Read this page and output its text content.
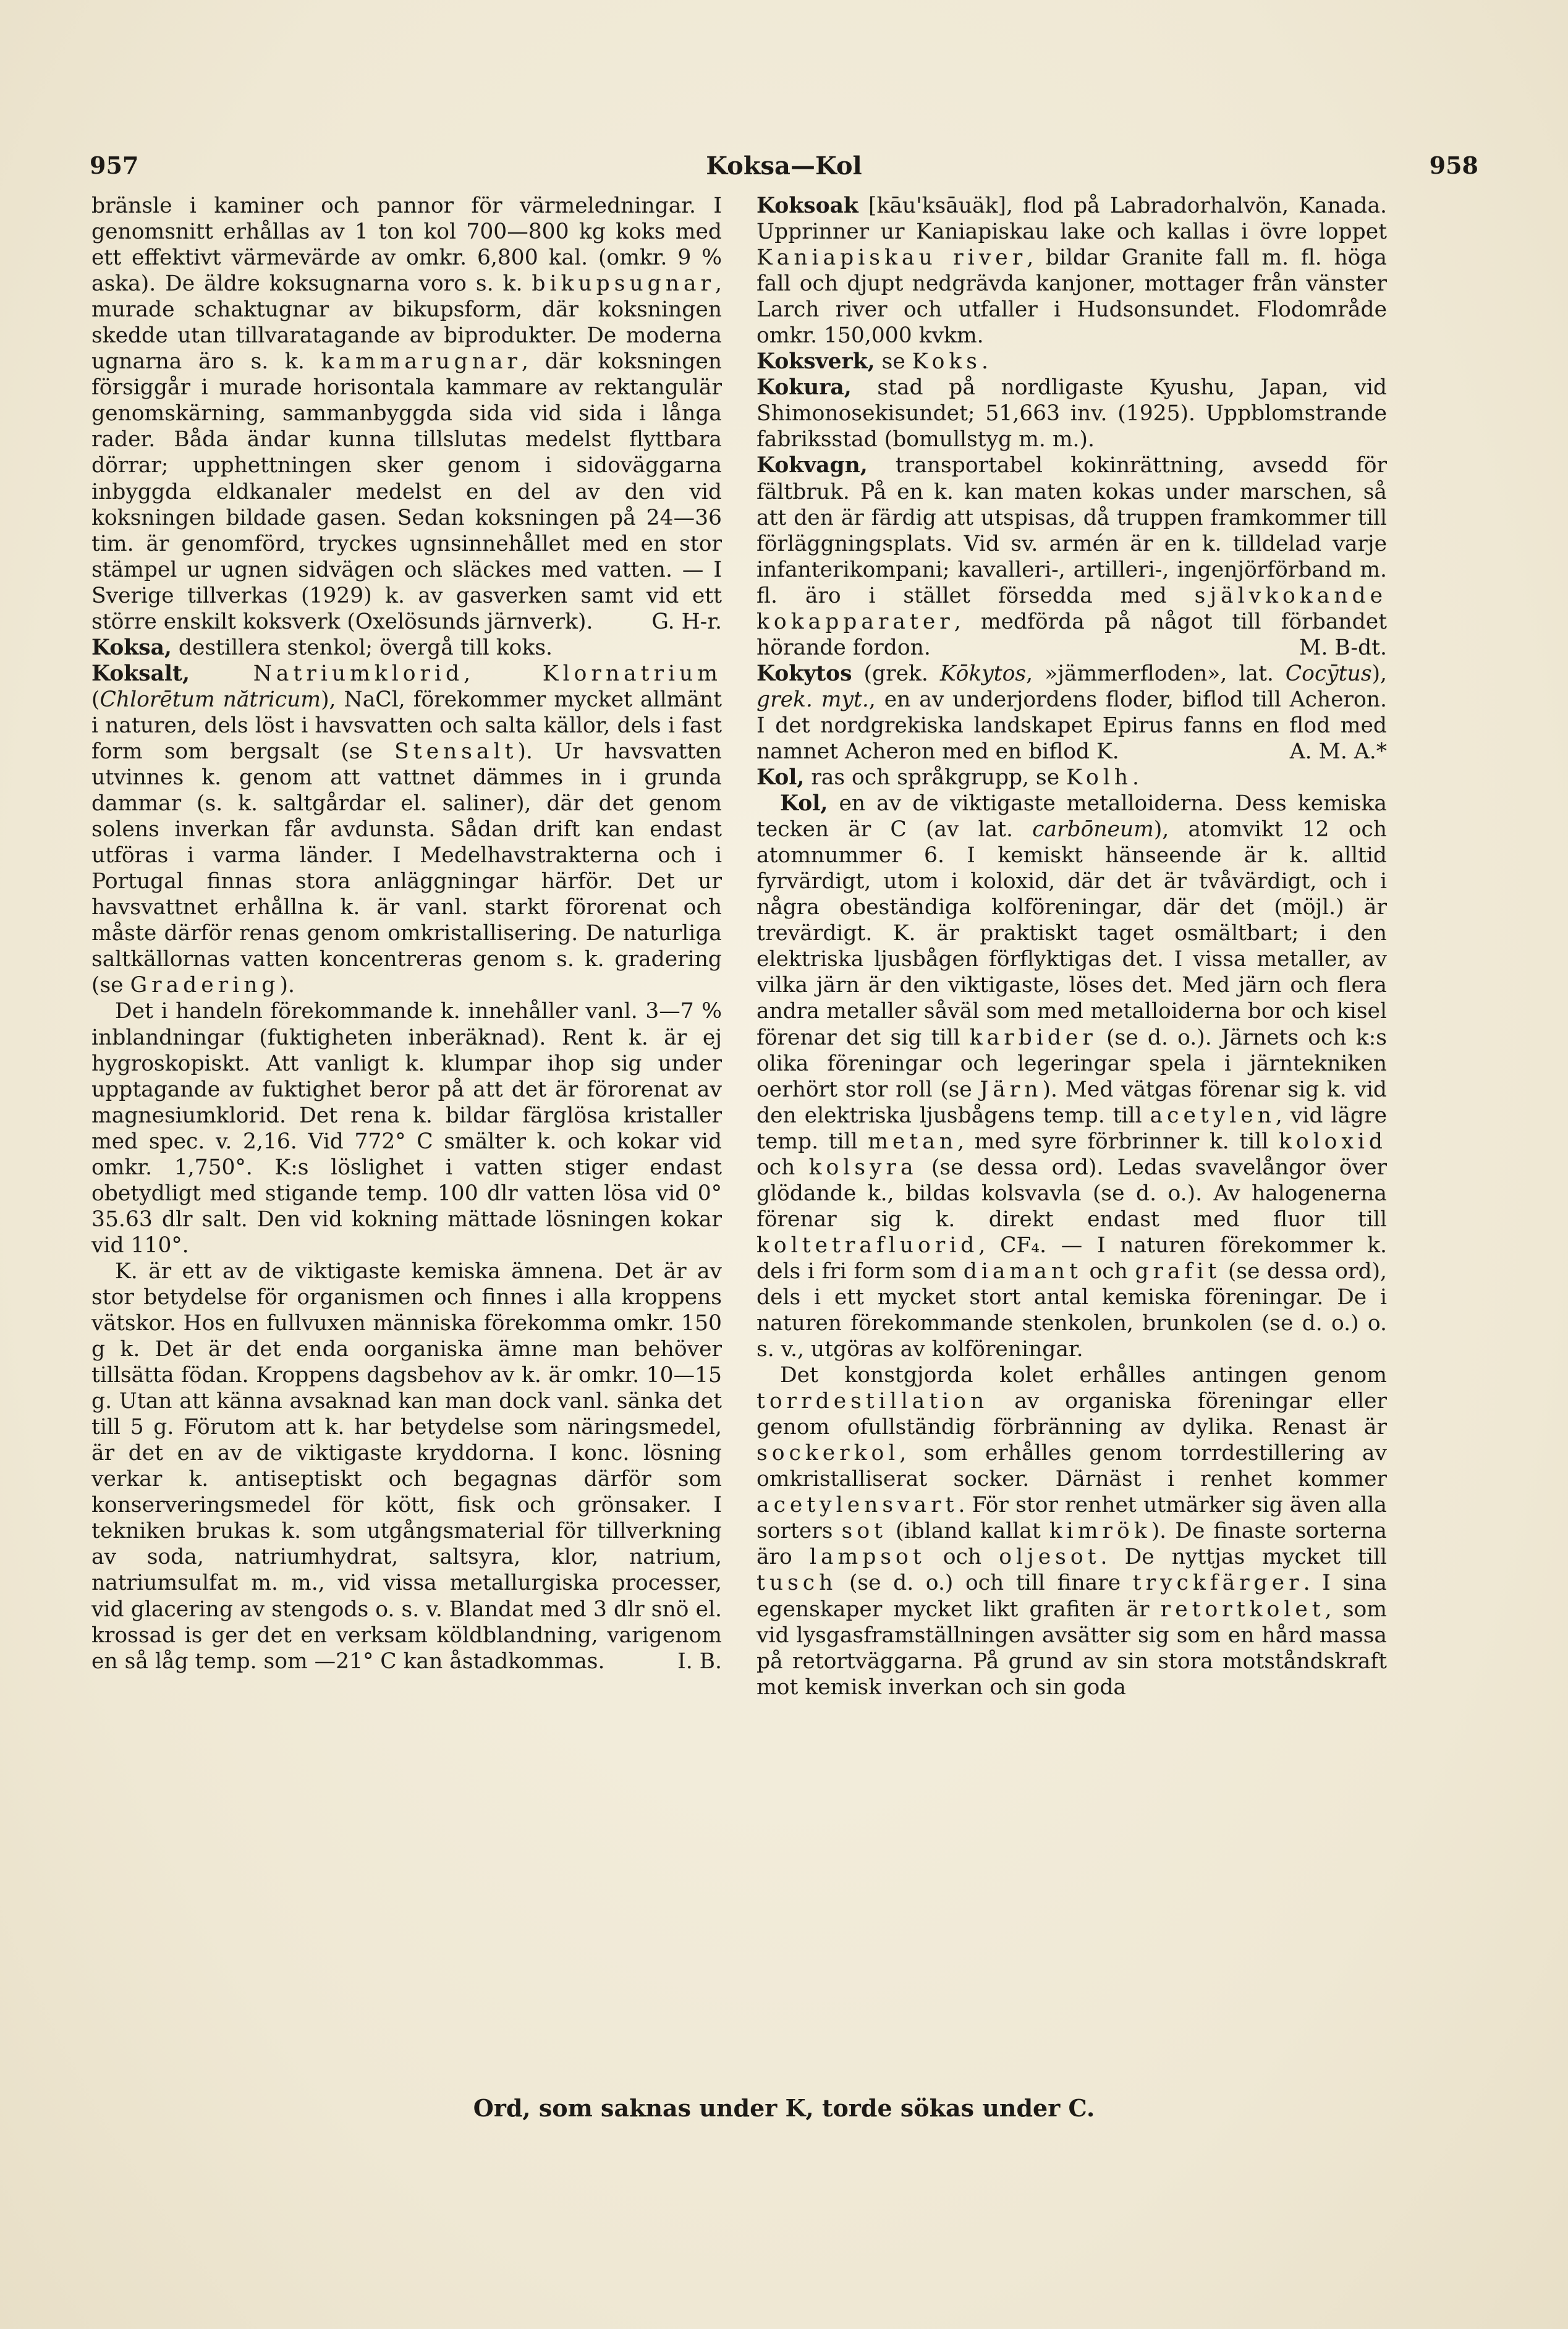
957	Koksa—Kol	958

bränsle i kaminer och pannor för värmeledningar. I genomsnitt erhållas av 1 ton kol 700—800 kg koks med ett effektivt värmevärde av omkr. 6,800 kal. (omkr. 9 % aska). De äldre koksugnarna voro s. k. bikupsugnar, murade schaktugnar av bikupsform, där koksningen skedde utan tillvaratagande av biprodukter. De moderna ugnarna äro s. k. kammarugnar, där koksningen försiggår i murade horisontala kammare av rektangulär genomskärning, sammanbyggda sida vid sida i långa rader. Båda ändar kunna tillslutas medelst flyttbara dörrar; upphettningen sker genom i sidoväggarna inbyggda eldkanaler medelst en del av den vid koksningen bildade gasen. Sedan koksningen på 24—36 tim. är genomförd, tryckes ugnsinnehållet med en stor stämpel ur ugnen sidvägen och släckes med vatten. — I Sverige tillverkas (1929) k. av gasverken samt vid ett större enskilt koksverk (Oxelösunds järnverk).	G. H-r.

Koksa, destillera stenkol; övergå till koks.

Koksalt,	Natriumklorid, Klornatrium (Chlorētum nătricum), NaCl, förekommer mycket allmänt i naturen, dels löst i havsvatten och salta källor, dels i fast form som bergsalt (se Stensalt). Ur havsvatten utvinnes k. genom att vattnet dämmes in i grunda dammar (s. k. saltgårdar el. saliner), där det genom solens inverkan får avdunsta. Sådan drift kan endast utföras i varma länder. I Medelhavstrakterna och i Portugal finnas stora anläggningar härför. Det ur havsvattnet erhållna k. är vanl. starkt förorenat och måste därför renas genom omkristallisering. De naturliga saltkällornas vatten koncentreras genom s. k. gradering (se Gradering).

Det i handeln förekommande k. innehåller vanl. 3—7 % inblandningar (fuktigheten inberäknad). Rent k. är ej hygroskopiskt. Att vanligt k. klumpar ihop sig under upptagande av fuktighet beror på att det är förorenat av magnesiumklorid. Det rena k. bildar färglösa kristaller med spec. v. 2,16. Vid 772° C smälter k. och kokar vid omkr. 1,750°. K:s löslighet i vatten stiger endast obetydligt med stigande temp. 100 dlr vatten lösa vid 0° 35.63 dlr salt. Den vid kokning mättade lösningen kokar vid 110°.

K. är ett av de viktigaste kemiska ämnena. Det är av stor betydelse för organismen och finnes i alla kroppens vätskor. Hos en fullvuxen människa förekomma omkr. 150 g k. Det är det enda oorganiska ämne man behöver tillsätta födan. Kroppens dagsbehov av k. är omkr. 10—15 g. Utan att känna avsaknad kan man dock vanl. sänka det till 5 g. Förutom att k. har betydelse som näringsmedel, är det en av de viktigaste kryddorna. I konc. lösning verkar k. antiseptiskt och begagnas därför som konserveringsmedel för kött, fisk och grönsaker. I tekniken brukas k. som utgångsmaterial för tillverkning av soda, natriumhydrat, saltsyra, klor, natrium, natriumsulfat m. m., vid vissa metallurgiska processer, vid glacering av stengods o. s. v. Blandat med 3 dlr snö el. krossad is ger det en verksam köldblandning, varigenom en så låg temp. som —21° C kan åstadkommas.	I. B.

Koksoak [kāu'ksāuäk], flod på Labradorhalvön, Kanada. Upprinner ur Kaniapiskau lake och kallas i övre loppet Kaniapiskau river, bildar Granite fall m. fl. höga fall och djupt nedgrävda kanjoner, mottager från vänster Larch river och utfaller i Hudsonsundet. Flodområde omkr. 150,000 kvkm.

Koksverk, se Koks.

Kokura, stad på nordligaste Kyushu, Japan, vid Shimonosekisundet; 51,663 inv. (1925). Uppblomstrande fabriksstad (bomullstyg m. m.).

Kokvagn, transportabel kokinrättning, avsedd för fältbruk. På en k. kan maten kokas under marschen, så att den är färdig att utspisas, då truppen framkommer till förläggningsplats. Vid sv. armén är en k. tilldelad varje infanterikompani; kavalleri-, artilleri-, ingenjörförband m. fl. äro i stället försedda med självkokande kokapparater, medförda på något till förbandet hörande fordon.	M. B-dt.

Kokytos (grek. Kōkytos, »jämmerfloden», lat. Cocȳtus), grek. myt., en av underjordens floder, biflod till Acheron. I det nordgrekiska landskapet Epirus fanns en flod med namnet Acheron med en biflod K.	A. M. A.*

Kol, ras och språkgrupp, se Kolh.

Kol, en av de viktigaste metalloiderna. Dess kemiska tecken är C (av lat. carbōneum), atomvikt 12 och atomnummer 6. I kemiskt hänseende är k. alltid fyrvärdigt, utom i koloxid, där det är tvåvärdigt, och i några obeständiga kolföreningar, där det (möjl.) är trevärdigt. K. är praktiskt taget osmältbart; i den elektriska ljusbågen förflyktigas det. I vissa metaller, av vilka järn är den viktigaste, löses det. Med järn och flera andra metaller såväl som med metalloiderna bor och kisel förenar det sig till karbider (se d. o.). Järnets och k:s olika föreningar och legeringar spela i järntekniken oerhört stor roll (se Järn). Med vätgas förenar sig k. vid den elektriska ljusbågens temp. till acetylen, vid lägre temp. till metan, med syre förbrinner k. till koloxid och kolsyra (se dessa ord). Ledas svavelångor över glödande k., bildas kolsvavla (se d. o.). Av halogenerna förenar sig k. direkt endast med fluor till koltetrafluorid, CF₄. — I naturen förekommer k. dels i fri form som diamant och grafit (se dessa ord), dels i ett mycket stort antal kemiska föreningar. De i naturen förekommande stenkolen, brunkolen (se d. o.) o. s. v., utgöras av kolföreningar.

Det konstgjorda kolet erhålles antingen genom torrdestillation av organiska föreningar eller genom ofullständig förbränning av dylika. Renast är sockerkol, som erhålles genom torrdestillering av omkristalliserat socker. Därnäst i renhet kommer acetylensvart. För stor renhet utmärker sig även alla sorters sot (ibland kallat kimrök). De finaste sorterna äro lampsot och oljesot. De nyttjas mycket till tusch (se d. o.) och till finare tryckfärger. I sina egenskaper mycket likt grafiten är retortkolet, som vid lysgasframställningen avsätter sig som en hård massa på retortväggarna. På grund av sin stora motståndskraft mot kemisk inverkan och sin goda

Ord, som saknas under K, torde sökas under C.
